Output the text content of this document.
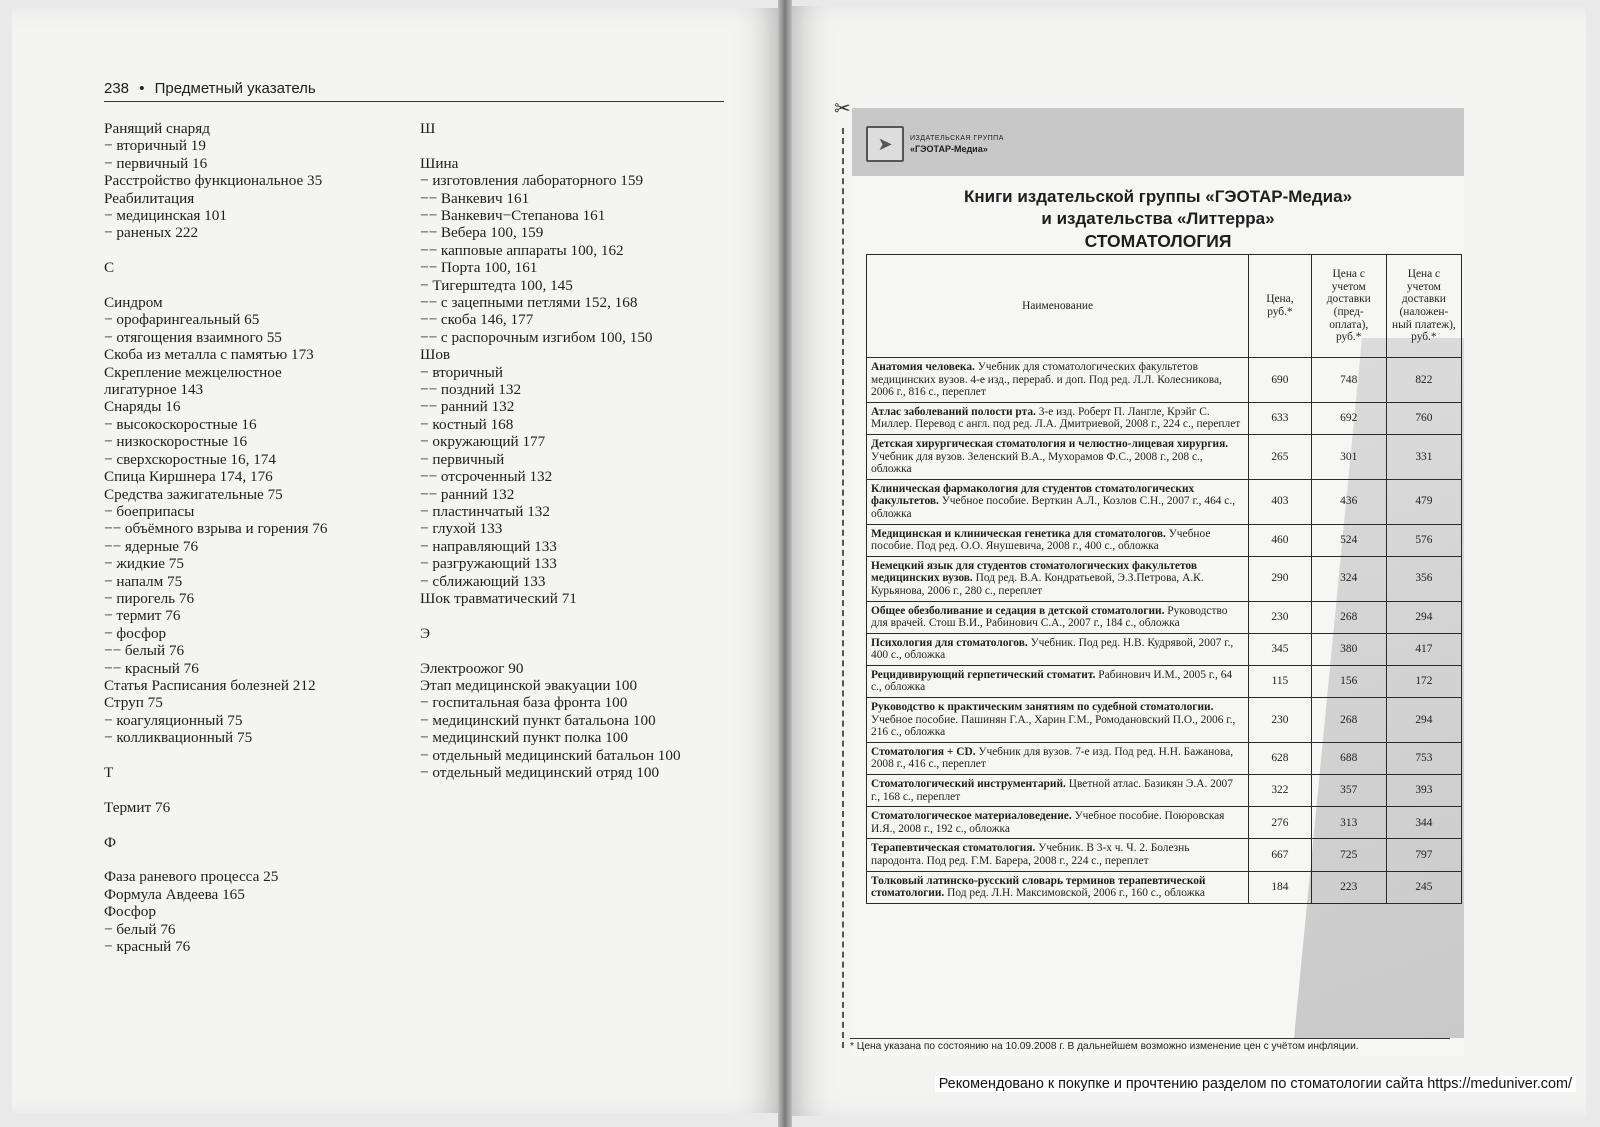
238 • Предметный указатель
Ранящий снаряд
− вторичный 19
− первичный 16
Расстройство функциональное 35
Реабилитация
− медицинская 101
− раненых 222
С
Синдром
− орофарингеальный 65
− отягощения взаимного 55
Скоба из металла с памятью 173
Скрепление межцелюстное
лигатурное 143
Снаряды 16
− высокоскоростные 16
− низкоскоростные 16
− сверхскоростные 16, 174
Спица Киршнера 174, 176
Средства зажигательные 75
− боеприпасы
−− объёмного взрыва и горения 76
−− ядерные 76
− жидкие 75
− напалм 75
− пирогель 76
− термит 76
− фосфор
−− белый 76
−− красный 76
Статья Расписания болезней 212
Струп 75
− коагуляционный 75
− колликвационный 75
Т
Термит 76
Ф
Фаза раневого процесса 25
Формула Авдеева 165
Фосфор
− белый 76
− красный 76
Ш
Шина
− изготовления лабораторного 159
−− Ванкевич 161
−− Ванкевич−Степанова 161
−− Вебера 100, 159
−− капповые аппараты 100, 162
−− Порта 100, 161
− Тигерштедта 100, 145
−− с зацепными петлями 152, 168
−− скоба 146, 177
−− с распорочным изгибом 100, 150
Шов
− вторичный
−− поздний 132
−− ранний 132
− костный 168
− окружающий 177
− первичный
−− отсроченный 132
−− ранний 132
− пластинчатый 132
− глухой 133
− направляющий 133
− разгружающий 133
− сближающий 133
Шок травматический 71
Э
Электроожог 90
Этап медицинской эвакуации 100
− госпитальная база фронта 100
− медицинский пункт батальона 100
− медицинский пункт полка 100
− отдельный медицинский батальон 100
− отдельный медицинский отряд 100
✂
➤	ИЗДАТЕЛЬСКАЯ ГРУППА
«ГЭОТАР-Медиа»
Книги издательской группы «ГЭОТАР-Медиа»
и издательства «Литтерра»
СТОМАТОЛОГИЯ
Наименование	Цена, руб.*	Цена с учетом доставки (пред-оплата), руб.*	Цена с учетом доставки (наложен-ный платеж), руб.*
Анатомия человека. Учебник для стоматологических факультетов медицинских вузов. 4-е изд., перераб. и доп. Под ред. Л.Л. Колесникова, 2006 г., 816 с., переплет	690	748	822
Атлас заболеваний полости рта. 3-е изд. Роберт П. Лангле, Крэйг С. Миллер. Перевод с англ. под ред. Л.А. Дмитриевой, 2008 г., 224 с., переплет	633	692	760
Детская хирургическая стоматология и челюстно-лицевая хирургия. Учебник для вузов. Зеленский В.А., Мухорамов Ф.С., 2008 г., 208 с., обложка	265	301	331
Клиническая фармакология для студентов стоматологических факультетов. Учебное пособие. Верткин А.Л., Козлов С.Н., 2007 г., 464 с., обложка	403	436	479
Медицинская и клиническая генетика для стоматологов. Учебное пособие. Под ред. О.О. Янушевича, 2008 г., 400 с., обложка	460	524	576
Немецкий язык для студентов стоматологических факультетов медицинских вузов. Под ред. В.А. Кондратьевой, Э.З.Петрова, А.К. Курьянова, 2006 г., 280 с., переплет	290	324	356
Общее обезболивание и седация в детской стоматологии. Руководство для врачей. Стош В.И., Рабинович С.А., 2007 г., 184 с., обложка	230	268	294
Психология для стоматологов. Учебник. Под ред. Н.В. Кудрявой, 2007 г., 400 с., обложка	345	380	417
Рецидивирующий герпетический стоматит. Рабинович И.М., 2005 г., 64 с., обложка	115	156	172
Руководство к практическим занятиям по судебной стоматологии. Учебное пособие. Пашинян Г.А., Харин Г.М., Ромодановский П.О., 2006 г., 216 с., обложка	230	268	294
Стоматология + CD. Учебник для вузов. 7-е изд. Под ред. Н.Н. Бажанова, 2008 г., 416 с., переплет	628	688	753
Стоматологический инструментарий. Цветной атлас. Базикян Э.А. 2007 г., 168 с., переплет	322	357	393
Стоматологическое материаловедение. Учебное пособие. Поюровская И.Я., 2008 г., 192 с., обложка	276	313	344
Терапевтическая стоматология. Учебник. В 3-х ч. Ч. 2. Болезнь пародонта. Под ред. Г.М. Барера, 2008 г., 224 с., переплет	667	725	797
Толковый латинско-русский словарь терминов терапевтической стоматологии. Под ред. Л.Н. Максимовской, 2006 г., 160 с., обложка	184	223	245
* Цена указана по состоянию на 10.09.2008 г. В дальнейшем возможно изменение цен с учётом инфляции.
Рекомендовано к покупке и прочтению разделом по стоматологии сайта https://meduniver.com/
